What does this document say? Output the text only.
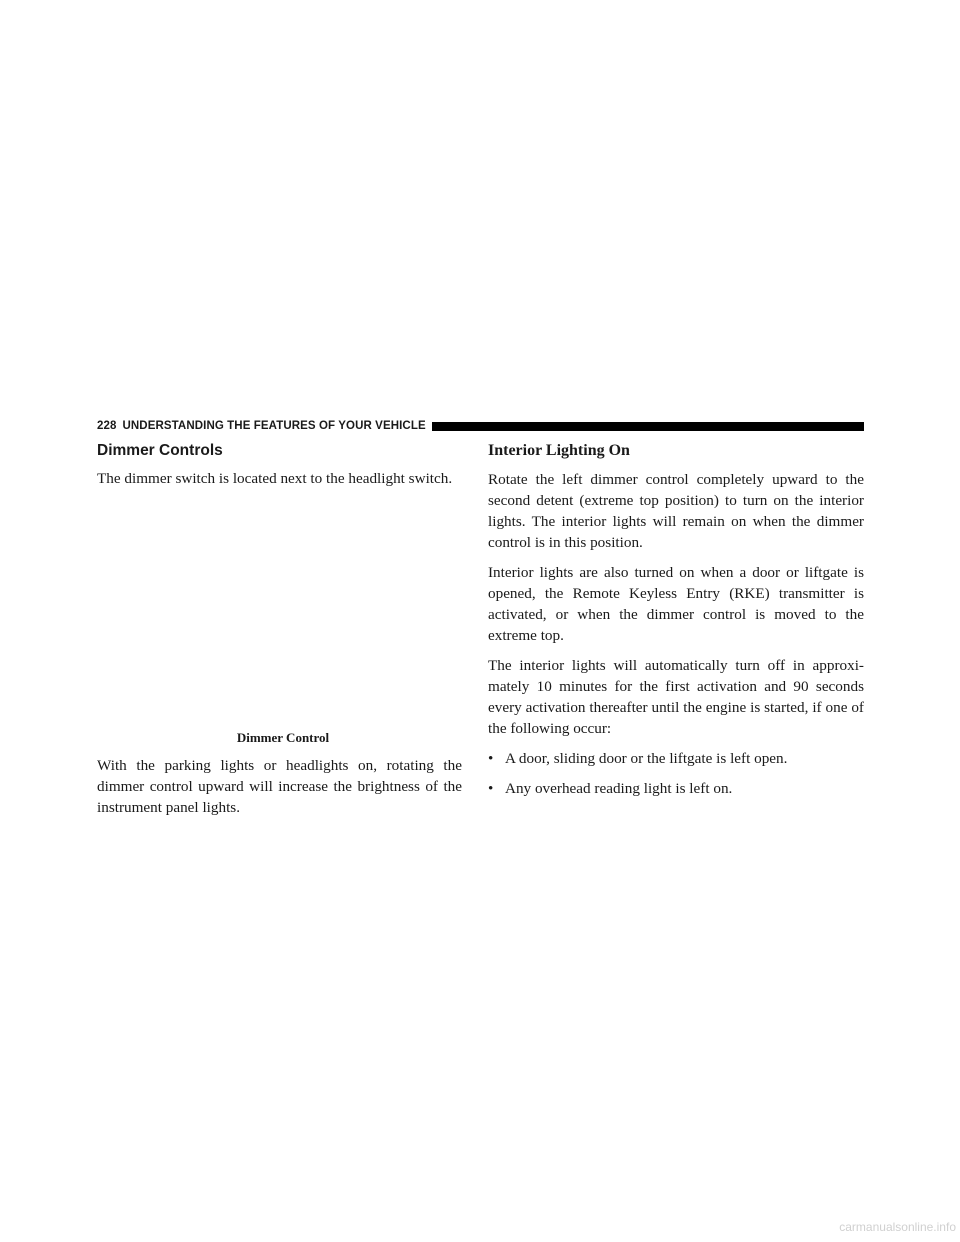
228 UNDERSTANDING THE FEATURES OF YOUR VEHICLE
Dimmer Controls

The dimmer switch is located next to the headlight switch.

Dimmer Control

With the parking lights or headlights on, rotating the dimmer control upward will increase the brightness of the instrument panel lights.

Interior Lighting On

Rotate the left dimmer control completely upward to the second detent (extreme top position) to turn on the interior lights. The interior lights will remain on when the dimmer control is in this position.

Interior lights are also turned on when a door or liftgate is opened, the Remote Keyless Entry (RKE) transmitter is activated, or when the dimmer control is moved to the extreme top.

The interior lights will automatically turn off in approxi-mately 10 minutes for the first activation and 90 seconds every activation thereafter until the engine is started, if one of the following occur:

• A door, sliding door or the liftgate is left open.
• Any overhead reading light is left on.
carmanualsonline.info
